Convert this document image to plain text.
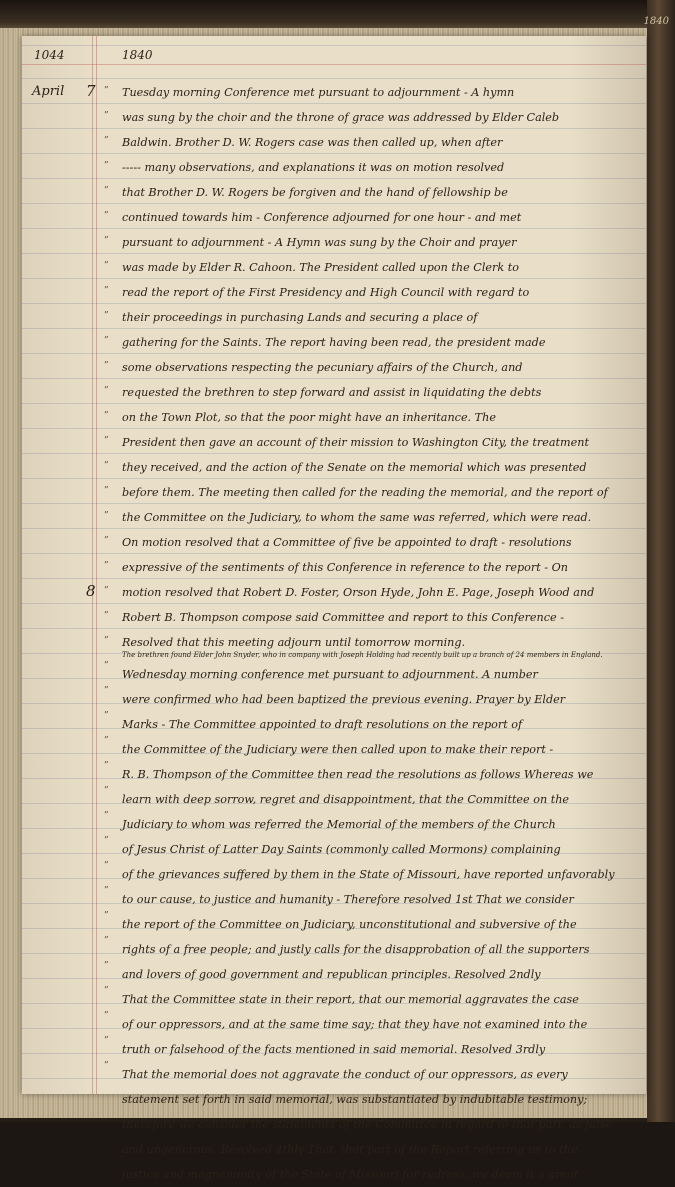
1840
1044	1840
April 7
8
”
”
”
”
”
”
”
”
”
”
”
”
”
”
”
”
”
”
”
”
”
”
”
”
”
”
”
”
”
”
”
”
”
”
”
”
”
”
”
”
Tuesday morning Conference met pursuant to adjournment - A hymn
was sung by the choir and the throne of grace was addressed by Elder Caleb
Baldwin. Brother D. W. Rogers case was then called up, when after
----- many observations, and explanations it was on motion resolved
that Brother D. W. Rogers be forgiven and the hand of fellowship be
continued towards him - Conference adjourned for one hour - and met
pursuant to adjournment - A Hymn was sung by the Choir and prayer
was made by Elder R. Cahoon. The President called upon the Clerk to
read the report of the First Presidency and High Council with regard to
their proceedings in purchasing Lands and securing a place of
gathering for the Saints. The report having been read, the president made
some observations respecting the pecuniary affairs of the Church, and
requested the brethren to step forward and assist in liquidating the debts
on the Town Plot, so that the poor might have an inheritance. The
President then gave an account of their mission to Washington City, the treatment
they received, and the action of the Senate on the memorial which was presented
before them. The meeting then called for the reading the memorial, and the report of
the Committee on the Judiciary, to whom the same was referred, which were read.
On motion resolved that a Committee of five be appointed to draft - resolutions
expressive of the sentiments of this Conference in reference to the report - On
motion resolved that Robert D. Foster, Orson Hyde, John E. Page, Joseph Wood and
Robert B. Thompson compose said Committee and report to this Conference -
Resolved that this meeting adjourn until tomorrow morning.
The brethren found Elder John Snyder, who in company with Joseph Holding had recently built up a branch of 24 members in England.
Wednesday morning conference met pursuant to adjournment. A number
were confirmed who had been baptized the previous evening. Prayer by Elder
Marks - The Committee appointed to draft resolutions on the report of
the Committee of the Judiciary were then called upon to make their report -
R. B. Thompson of the Committee then read the resolutions as follows Whereas we
learn with deep sorrow, regret and disappointment, that the Committee on the
Judiciary to whom was referred the Memorial of the members of the Church
of Jesus Christ of Latter Day Saints (commonly called Mormons) complaining
of the grievances suffered by them in the State of Missouri, have reported unfavorably
to our cause, to justice and humanity - Therefore resolved 1st That we consider
the report of the Committee on Judiciary, unconstitutional and subversive of the
rights of a free people; and justly calls for the disapprobation of all the supporters
and lovers of good government and republican principles. Resolved 2ndly
That the Committee state in their report, that our memorial aggravates the case
of our oppressors, and at the same time say; that they have not examined into the
truth or falsehood of the facts mentioned in said memorial. Resolved 3rdly
That the memorial does not aggravate the conduct of our oppressors, as every
statement set forth in said memorial, was substantiated by indubitable testimony;
therefore we consider the statements of the Committee in regard to that part, as false
and ungenerous. Resolved 4thly That, that part of the Report referring us to the
justice and magnanimity of the State of Missouri for redress, we deem it a great
